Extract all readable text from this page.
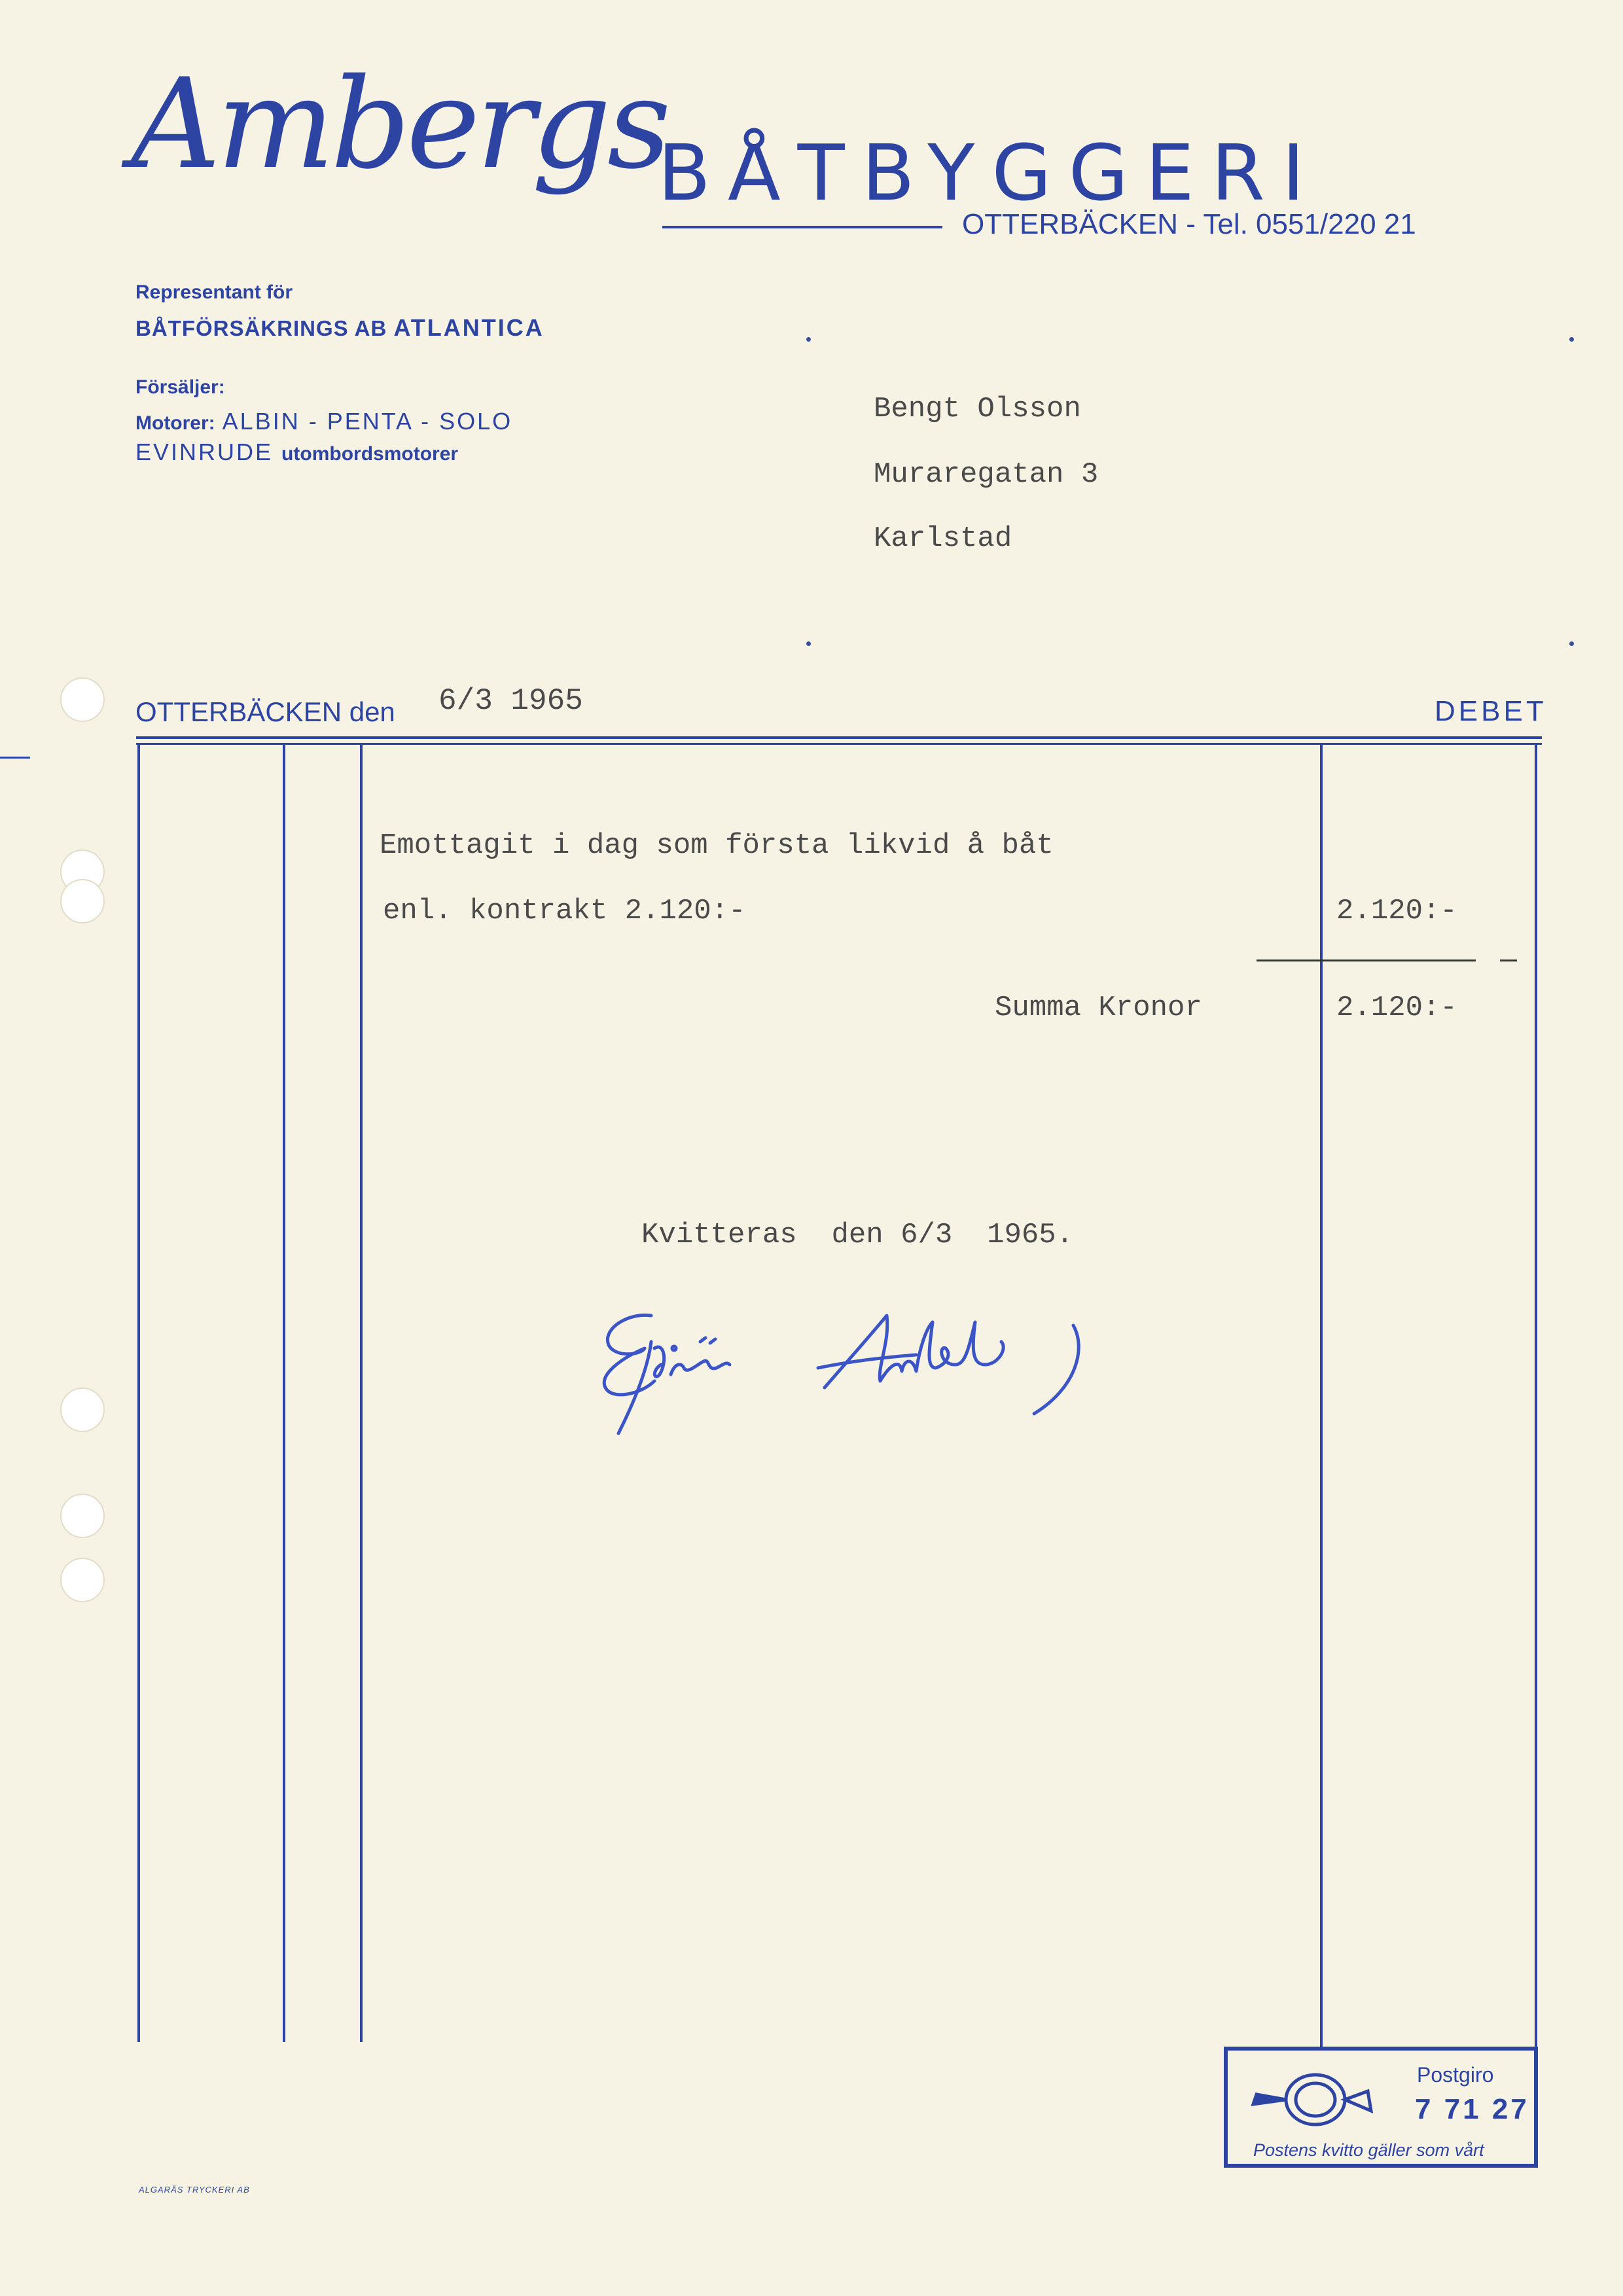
Ambergs
BÅTBYGGERI
OTTERBÄCKEN - Tel. 0551/220 21
Representant för
BÅTFÖRSÄKRINGS AB ATLANTICA
Försäljer:
Motorer: ALBIN - PENTA - SOLO
EVINRUDE utombordsmotorer
Bengt Olsson
Muraregatan 3
Karlstad
OTTERBÄCKEN den 6/3 1965	DEBET
Emottagit i dag som första likvid å båt
enl. kontrakt 2.120:-	2.120:-
Summa Kronor	2.120:-
Kvitteras  den 6/3  1965.
Postgiro
7 71 27
Postens kvitto gäller som vårt
ALGARÅS TRYCKERI AB
